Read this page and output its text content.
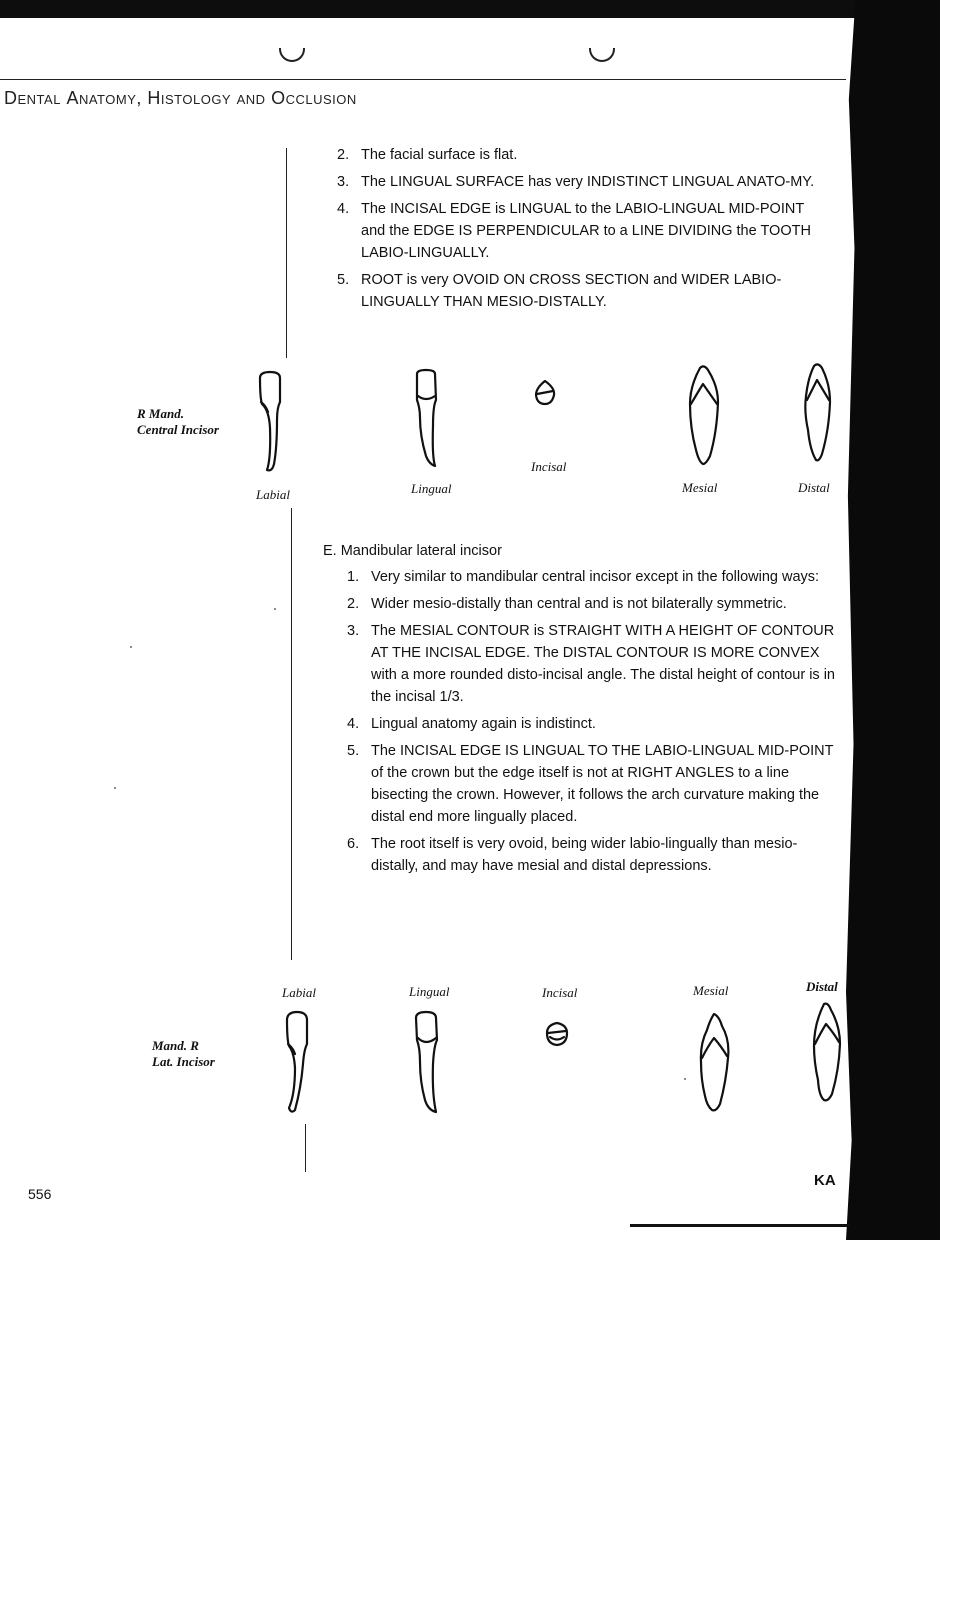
Dental Anatomy, Histology and Occlusion
2. The facial surface is flat.
3. The LINGUAL SURFACE has very INDISTINCT LINGUAL ANATO-MY.
4. The INCISAL EDGE is LINGUAL to the LABIO-LINGUAL MID-POINT and the EDGE IS PERPENDICULAR to a LINE DIVIDING the TOOTH LABIO-LINGUALLY.
5. ROOT is very OVOID ON CROSS SECTION and WIDER LABIO-LINGUALLY THAN MESIO-DISTALLY.
R Mand.
Central Incisor
Labial	Lingual
Incisal
Mesial	Distal
E. Mandibular lateral incisor
1. Very similar to mandibular central incisor except in the following ways:
2. Wider mesio-distally than central and is not bilaterally symmetric.
3. The MESIAL CONTOUR is STRAIGHT WITH A HEIGHT OF CONTOUR AT THE INCISAL EDGE. The DISTAL CONTOUR IS MORE CONVEX with a more rounded disto-incisal angle. The distal height of contour is in the incisal 1/3.
4. Lingual anatomy again is indistinct.
5. The INCISAL EDGE IS LINGUAL TO THE LABIO-LINGUAL MID-POINT of the crown but the edge itself is not at RIGHT ANGLES to a line bisecting the crown. However, it follows the arch curvature making the distal end more lingually placed.
6. The root itself is very ovoid, being wider labio-lingually than mesio-distally, and may have mesial and distal depressions.
Labial	Lingual	Incisal	Mesial	Distal
Mand. R
Lat. Incisor
556
KA
